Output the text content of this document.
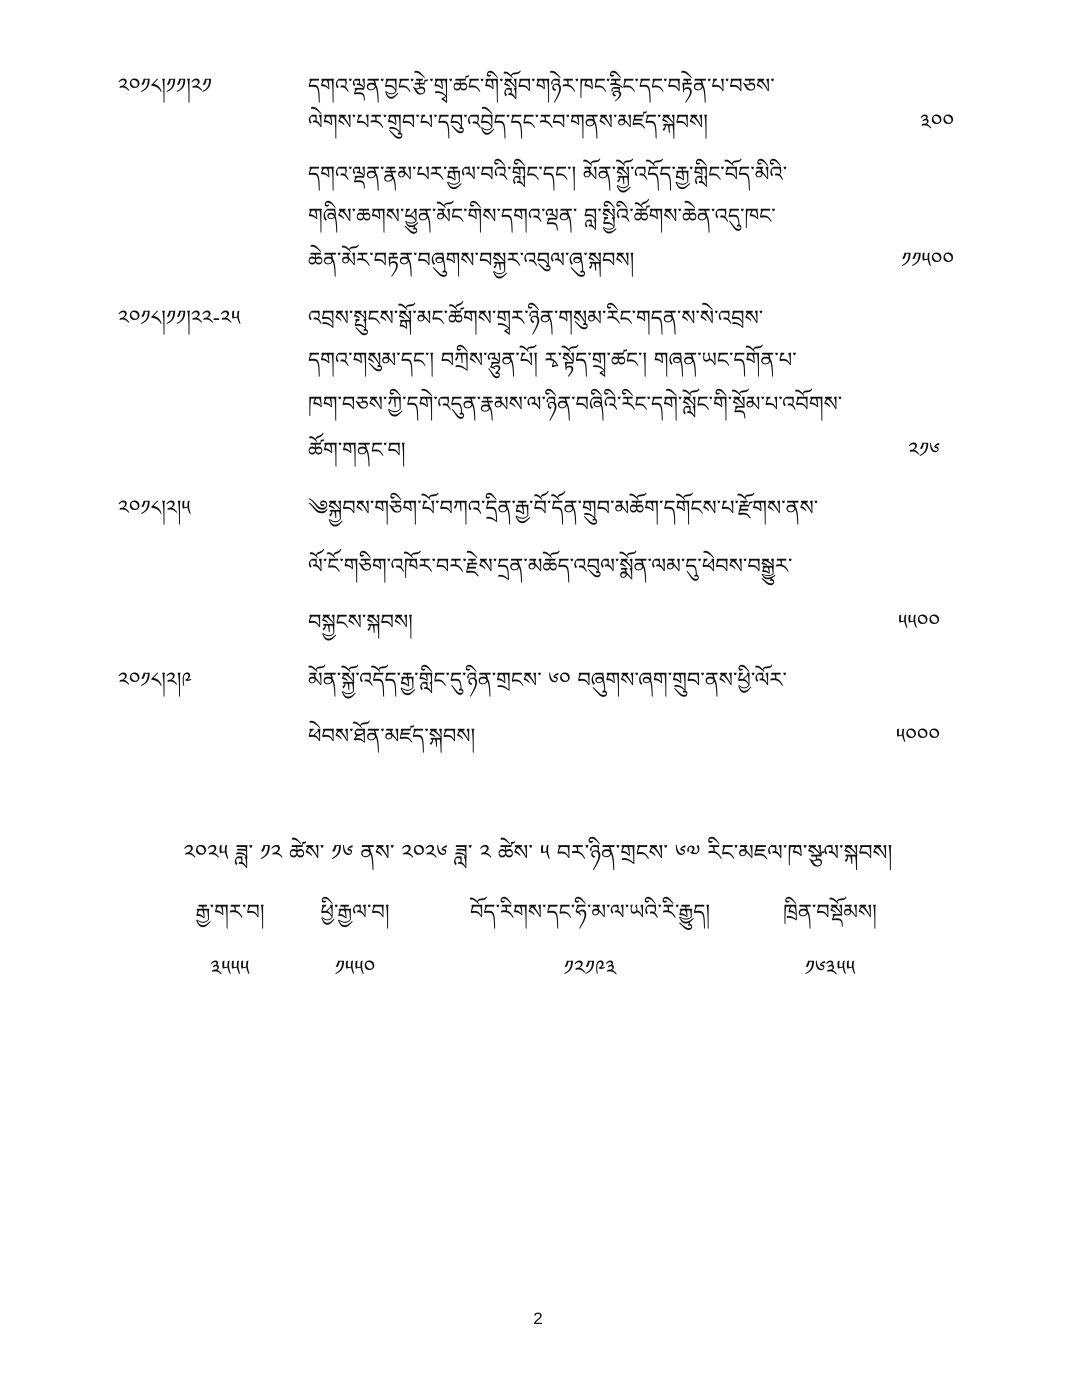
༢༠༡༨།༡༡།༢༡	དགའ་ལྡན་བྱང་རྩེ་གྲྭ་ཚང་གི་སློབ་གཉེར་ཁང་རྙིང་དང་བརྟེན་པ་བཅས་
ལེགས་པར་གྲུབ་པ་དབུ་འབྱེད་དང་རབ་གནས་མཛད་སྐབས།	༣༠༠
དགའ་ལྡན་རྣམ་པར་རྒྱལ་བའི་གླིང་དང་། མོན་སྐྱོ་འདོད་རྒྱ་གླིང་བོད་མིའི་
གཞིས་ཆགས་ཕྱུན་མོང་གིས་དགའ་ལྡན་ བླ་སྤྱིའི་ཚོགས་ཆེན་འདུ་ཁང་
ཆེན་མོར་བརྟན་བཞུགས་བསྐྱར་འབུལ་ཞུ་སྐབས།	༡༡༥༠༠
༢༠༡༨།༡༡།༢༢-༢༥	འབྲས་སྤུངས་སྒོ་མང་ཚོགས་གྲྭར་ཉིན་གསུམ་རིང་གདན་ས་སེ་འབྲས་
དགའ་གསུམ་དང་། བཀྲིས་ལྷུན་པོ། རྭ་སྟོད་གྲྭ་ཚང་། གཞན་ཡང་དགོན་པ་
ཁག་བཅས་ཀྱི་དགེ་འདུན་རྣམས་ལ་ཉིན་བཞིའི་རིང་དགེ་སློང་གི་སྡོམ་པ་འབོགས་
ཚོག་གནང་བ།	༢༡༦
༢༠༡༨།༢།༥	༄སྐྱབས་གཅིག་པོ་བཀའ་དྲིན་རྒྱ་བོ་དོན་གྲུབ་མཆོག་དགོངས་པ་རྫོགས་ནས་
ལོ་ངོ་གཅིག་འཁོར་བར་རྗེས་དྲན་མཆོད་འབུལ་སྨོན་ལམ་དུ་ཕེབས་བསྒྱུར་
བསྐྱངས་སྐབས།	༥༥༠༠
༢༠༡༨།༢།༩	མོན་སྐྱོ་འདོད་རྒྱ་གླིང་དུ་ཉིན་གྲངས་ ༦༠ བཞུགས་ཞག་གྲུབ་ནས་ཕྱི་ལོར་
ཕེབས་ཐོན་མཛད་སྐབས།	༥༠༠༠
༢༠༢༥ ཟླ་ ༡༢ ཚེས་ ༡༦ ནས་ ༢༠༢༦ ཟླ་ ༢ ཚེས་ ༥ བར་ཉིན་གྲངས་ ༦༧ རིང་མཇལ་ཁ་སྩལ་སྐབས།
རྒྱ་གར་བ།	ཕྱི་རྒྱལ་བ།	བོད་རིགས་དང་ཧི་མ་ལ་ཡའི་རི་རྒྱུད།	ཁྲིན་བསྡོམས།
༣༥༥༥	༡༥༥༠	༡༢༡༩༣	༡༦༣༥༥
2
